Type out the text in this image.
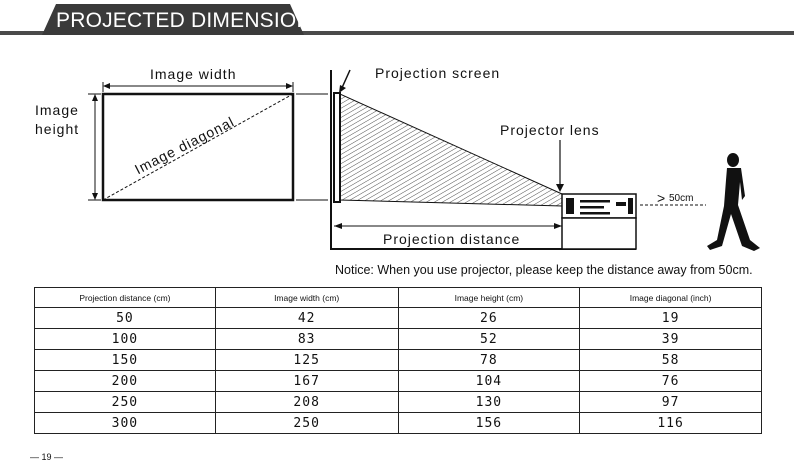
PROJECTED DIMENSION
Image width
Image
height	Image diagonal
Projection screen
Projector lens
Projection distance
> 50cm
Notice: When you use projector, please keep the distance away from 50cm.
Projection distance (cm)	Image width (cm)	Image height (cm)	Image diagonal (inch)
50	42	26	19
100	83	52	39
150	125	78	58
200	167	104	76
250	208	130	97
300	250	156	116
— 19 —
